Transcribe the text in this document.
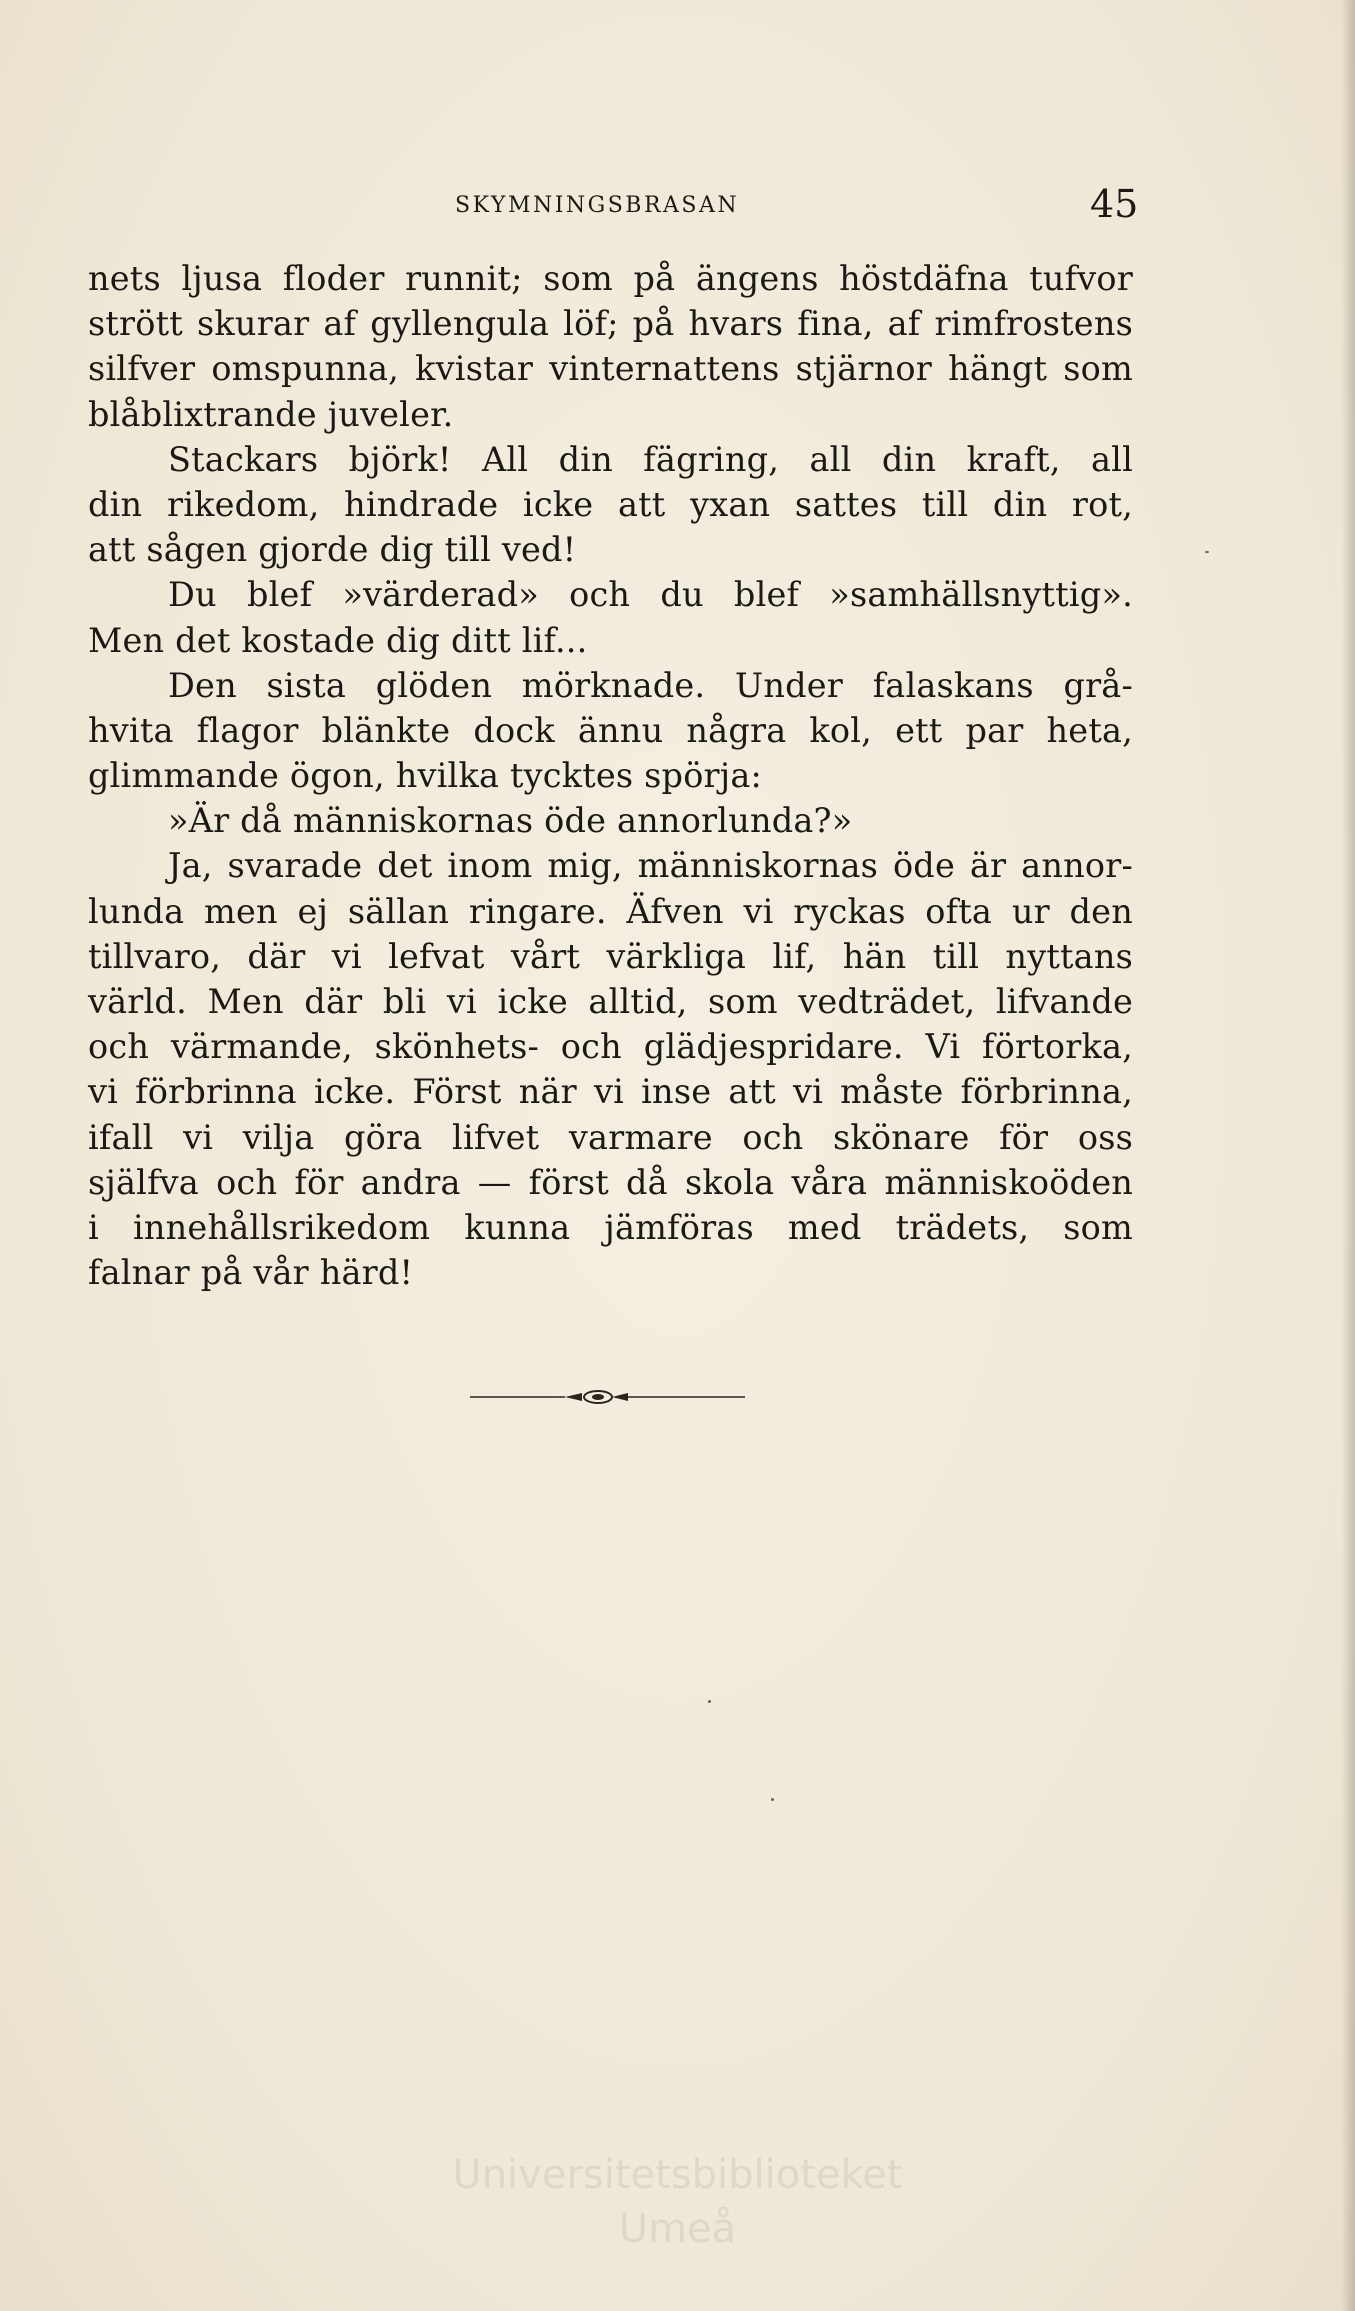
SKYMNINGSBRASAN	45
nets ljusa floder runnit; som på ängens höstdäfna tufvor
strött skurar af gyllengula löf; på hvars fina, af rimfrostens
silfver omspunna, kvistar vinternattens stjärnor hängt som
blåblixtrande juveler.
Stackars björk! All din fägring, all din kraft, all
din rikedom, hindrade icke att yxan sattes till din rot,
att sågen gjorde dig till ved!
Du blef »värderad» och du blef »samhällsnyttig».
Men det kostade dig ditt lif...
Den sista glöden mörknade. Under falaskans grå-
hvita flagor blänkte dock ännu några kol, ett par heta,
glimmande ögon, hvilka tycktes spörja:
»Är då människornas öde annorlunda?»
Ja, svarade det inom mig, människornas öde är annor-
lunda men ej sällan ringare. Äfven vi ryckas ofta ur den
tillvaro, där vi lefvat vårt värkliga lif, hän till nyttans
värld. Men där bli vi icke alltid, som vedträdet, lifvande
och värmande, skönhets- och glädjespridare. Vi förtorka,
vi förbrinna icke. Först när vi inse att vi måste förbrinna,
ifall vi vilja göra lifvet varmare och skönare för oss
själfva och för andra — först då skola våra människoöden
i innehållsrikedom kunna jämföras med trädets, som
falnar på vår härd!
Universitetsbiblioteket
Umeå
